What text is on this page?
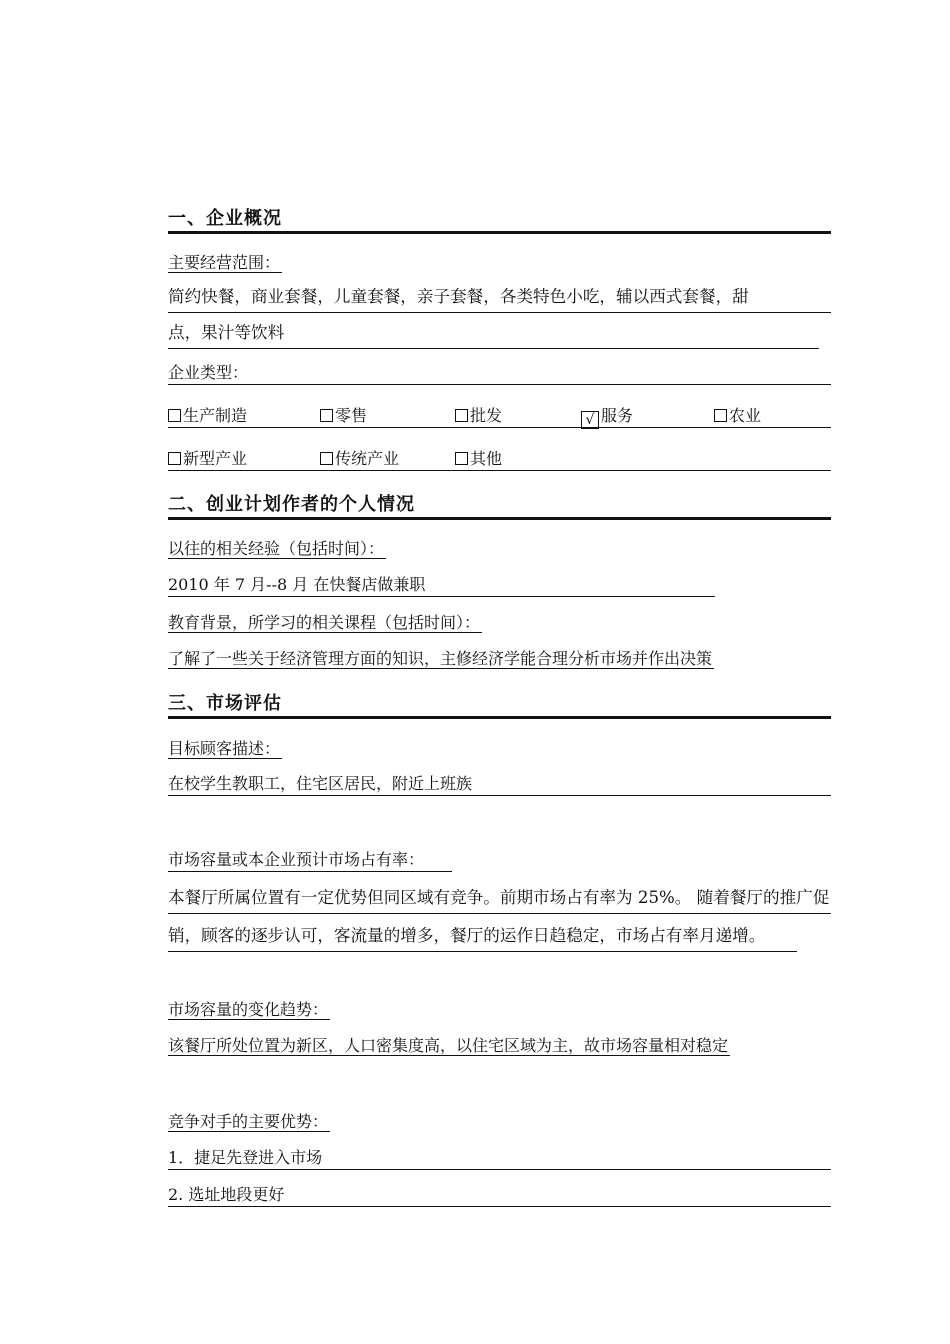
一、企业概况
主要经营范围：
简约快餐，商业套餐，儿童套餐，亲子套餐，各类特色小吃，辅以西式套餐，甜
点，果汁等饮料
企业类型：
生产制造	零售	批发	√ 服务	农业
新型产业	传统产业	其他
二、创业计划作者的个人情况
以往的相关经验（包括时间）：
2010 年 7 月--8 月 在快餐店做兼职
教育背景，所学习的相关课程（包括时间）：
了解了一些关于经济管理方面的知识，主修经济学能合理分析市场并作出决策
三、市场评估
目标顾客描述：
在校学生教职工，住宅区居民，附近上班族
市场容量或本企业预计市场占有率：
本餐厅所属位置有一定优势但同区域有竞争。前期市场占有率为 25%。 随着餐厅的推广促
销，顾客的逐步认可，客流量的增多，餐厅的运作日趋稳定，市场占有率月递增。
市场容量的变化趋势：
该餐厅所处位置为新区，人口密集度高，以住宅区域为主，故市场容量相对稳定
竞争对手的主要优势：
1．捷足先登进入市场
2. 选址地段更好
